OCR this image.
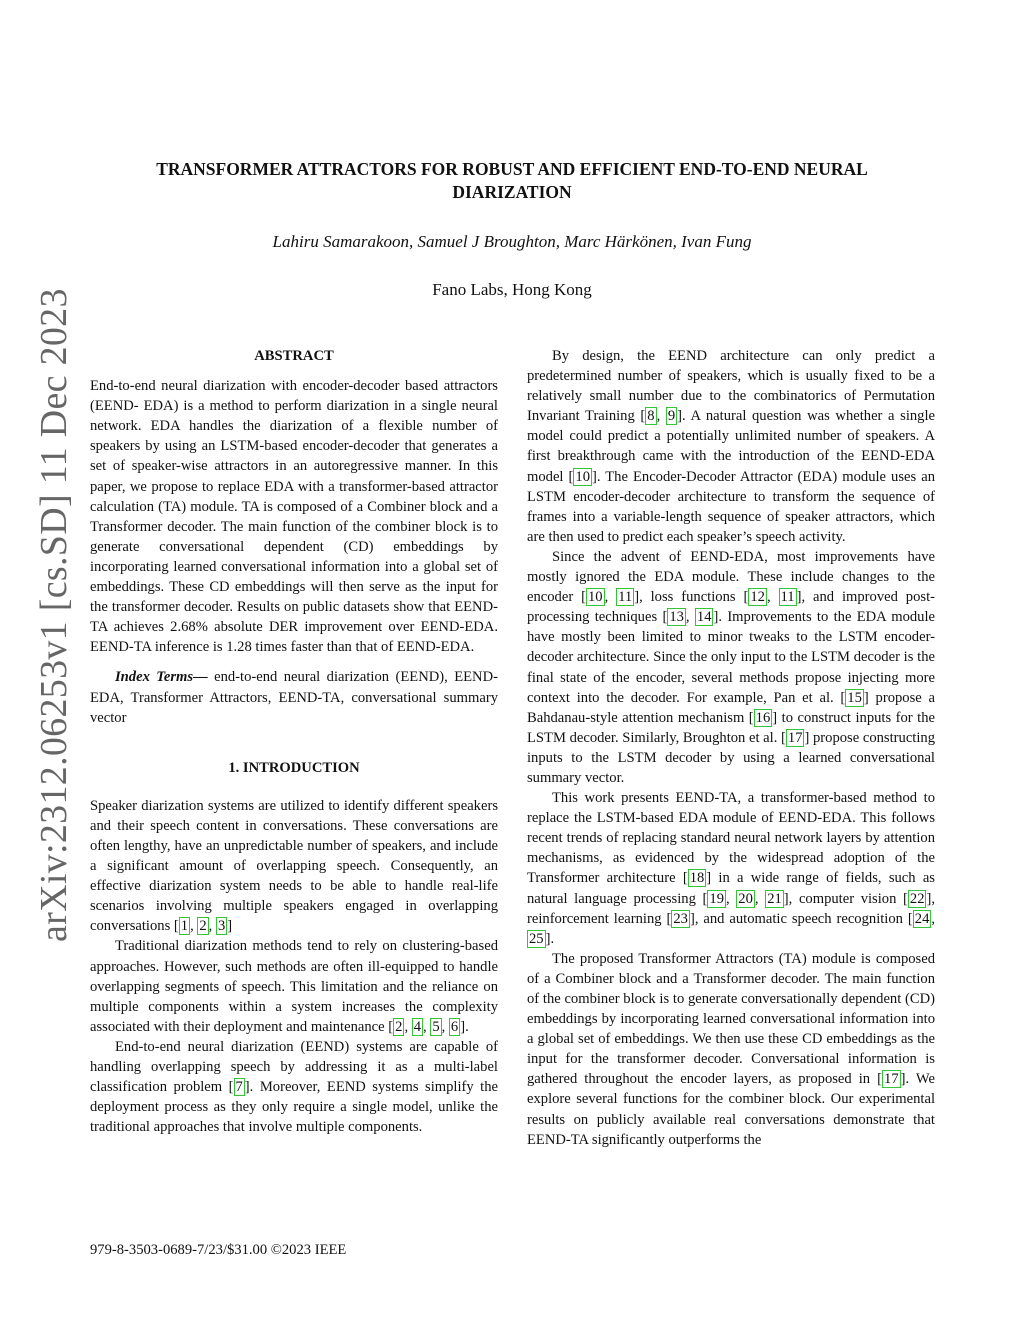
TRANSFORMER ATTRACTORS FOR ROBUST AND EFFICIENT END-TO-END NEURAL
DIARIZATION
Lahiru Samarakoon, Samuel J Broughton, Marc Härkönen, Ivan Fung
Fano Labs, Hong Kong
arXiv:2312.06253v1 [cs.SD] 11 Dec 2023	ABSTRACT

End-to-end neural diarization with encoder-decoder based attractors (EEND- EDA) is a method to perform diarization in a single neural network. EDA handles the diarization of a flexible number of speakers by using an LSTM-based encoder-decoder that generates a set of speaker-wise attractors in an autoregressive manner. In this paper, we propose to replace EDA with a transformer-based attractor calculation (TA) module. TA is composed of a Combiner block and a Transformer decoder. The main function of the combiner block is to generate conversational dependent (CD) embeddings by incorporating learned conversational information into a global set of embeddings. These CD embeddings will then serve as the input for the transformer decoder. Results on public datasets show that EEND-TA achieves 2.68% absolute DER improvement over EEND-EDA. EEND-TA inference is 1.28 times faster than that of EEND-EDA.

Index Terms— end-to-end neural diarization (EEND), EEND- EDA, Transformer Attractors, EEND-TA, conversational summary vector

1. INTRODUCTION

Speaker diarization systems are utilized to identify different speakers and their speech content in conversations. These conversations are often lengthy, have an unpredictable number of speakers, and include a significant amount of overlapping speech. Consequently, an effective diarization system needs to be able to handle real-life scenarios involving multiple speakers engaged in overlapping conversations [ 1 , 2 , 3 ]

Traditional diarization methods tend to rely on clustering-based approaches. However, such methods are often ill-equipped to handle overlapping segments of speech. This limitation and the reliance on multiple components within a system increases the complexity associated with their deployment and maintenance [ 2 , 4 , 5 , 6 ].

End-to-end neural diarization (EEND) systems are capable of handling overlapping speech by addressing it as a multi-label classification problem [ 7 ]. Moreover, EEND systems simplify the deployment process as they only require a single model, unlike the traditional approaches that involve multiple components.

By design, the EEND architecture can only predict a predetermined number of speakers, which is usually fixed to be a relatively small number due to the combinatorics of Permutation Invariant Training [ 8 , 9 ]. A natural question was whether a single model could predict a potentially unlimited number of speakers. A first breakthrough came with the introduction of the EEND-EDA model [ 10 ]. The Encoder-Decoder Attractor (EDA) module uses an LSTM encoder-decoder architecture to transform the sequence of frames into a variable-length sequence of speaker attractors, which are then used to predict each speaker’s speech activity.

Since the advent of EEND-EDA, most improvements have mostly ignored the EDA module. These include changes to the encoder [ 10 , 11 ], loss functions [ 12 , 11 ], and improved post-processing techniques [ 13 , 14 ]. Improvements to the EDA module have mostly been limited to minor tweaks to the LSTM encoder-decoder architecture. Since the only input to the LSTM decoder is the final state of the encoder, several methods propose injecting more context into the decoder. For example, Pan et al. [ 15 ] propose a Bahdanau-style attention mechanism [ 16 ] to construct inputs for the LSTM decoder. Similarly, Broughton et al. [ 17 ] propose constructing inputs to the LSTM decoder by using a learned conversational summary vector.

This work presents EEND-TA, a transformer-based method to replace the LSTM-based EDA module of EEND-EDA. This follows recent trends of replacing standard neural network layers by attention mechanisms, as evidenced by the widespread adoption of the Transformer architecture [ 18 ] in a wide range of fields, such as natural language processing [ 19 , 20 , 21 ], computer vision [ 22 ], reinforcement learning [ 23 ], and automatic speech recognition [ 24 , 25 ].

The proposed Transformer Attractors (TA) module is composed of a Combiner block and a Transformer decoder. The main function of the combiner block is to generate conversationally dependent (CD) embeddings by incorporating learned conversational information into a global set of embeddings. We then use these CD embeddings as the input for the transformer decoder. Conversational information is gathered throughout the encoder layers, as proposed in [ 17 ]. We explore several functions for the combiner block. Our experimental results on publicly available real conversations demonstrate that EEND-TA significantly outperforms the

979-8-3503-0689-7/23/$31.00 ©2023 IEEE
